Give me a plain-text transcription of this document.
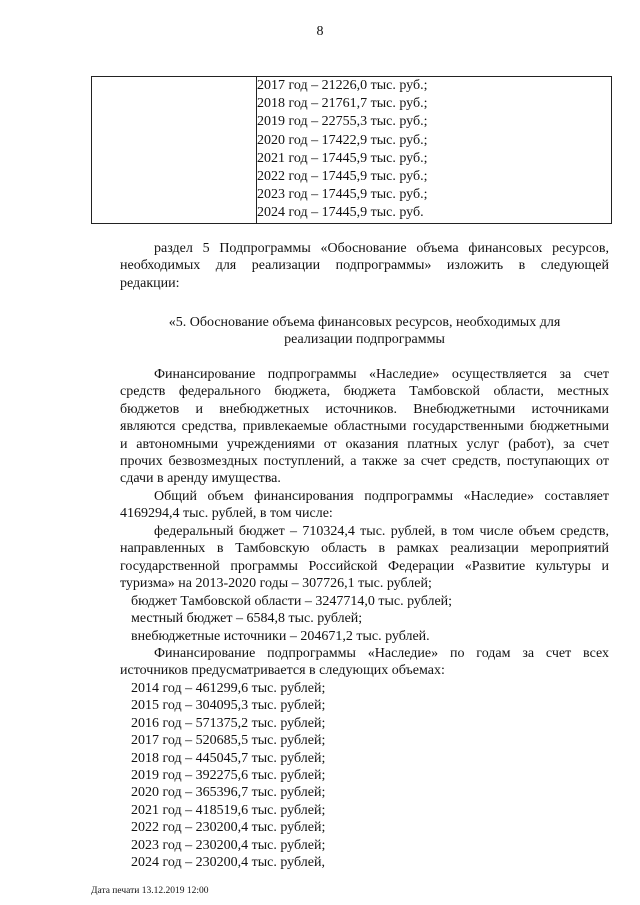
8

2017 год – 21226,0 тыс. руб.;
2018 год – 21761,7 тыс. руб.;
2019 год – 22755,3 тыс. руб.;
2020 год – 17422,9 тыс. руб.;
2021 год – 17445,9 тыс. руб.;
2022 год – 17445,9 тыс. руб.;
2023 год – 17445,9 тыс. руб.;
2024 год – 17445,9 тыс. руб.
раздел 5 Подпрограммы «Обоснование объема финансовых ресурсов,
необходимых для реализации подпрограммы» изложить в следующей
редакции:
«5. Обоснование объема финансовых ресурсов, необходимых для
реализации подпрограммы
Финансирование подпрограммы «Наследие» осуществляется за счет
средств федерального бюджета, бюджета Тамбовской области, местных
бюджетов и внебюджетных источников. Внебюджетными источниками
являются средства, привлекаемые областными государственными бюджетными
и автономными учреждениями от оказания платных услуг (работ), за счет
прочих безвозмездных поступлений, а также за счет средств, поступающих от
сдачи в аренду имущества.
Общий объем финансирования подпрограммы «Наследие» составляет
4169294,4 тыс. рублей, в том числе:
федеральный бюджет – 710324,4 тыс. рублей, в том числе объем средств,
направленных в Тамбовскую область в рамках реализации мероприятий
государственной программы Российской Федерации «Развитие культуры и
туризма» на 2013-2020 годы – 307726,1 тыс. рублей;
бюджет Тамбовской области – 3247714,0 тыс. рублей;
местный бюджет – 6584,8 тыс. рублей;
внебюджетные источники – 204671,2 тыс. рублей.
Финансирование подпрограммы «Наследие» по годам за счет всех
источников предусматривается в следующих объемах:
2014 год – 461299,6 тыс. рублей;
2015 год – 304095,3 тыс. рублей;
2016 год – 571375,2 тыс. рублей;
2017 год – 520685,5 тыс. рублей;
2018 год – 445045,7 тыс. рублей;
2019 год – 392275,6 тыс. рублей;
2020 год – 365396,7 тыс. рублей;
2021 год – 418519,6 тыс. рублей;
2022 год – 230200,4 тыс. рублей;
2023 год – 230200,4 тыс. рублей;
2024 год – 230200,4 тыс. рублей,
Дата печати 13.12.2019 12:00
